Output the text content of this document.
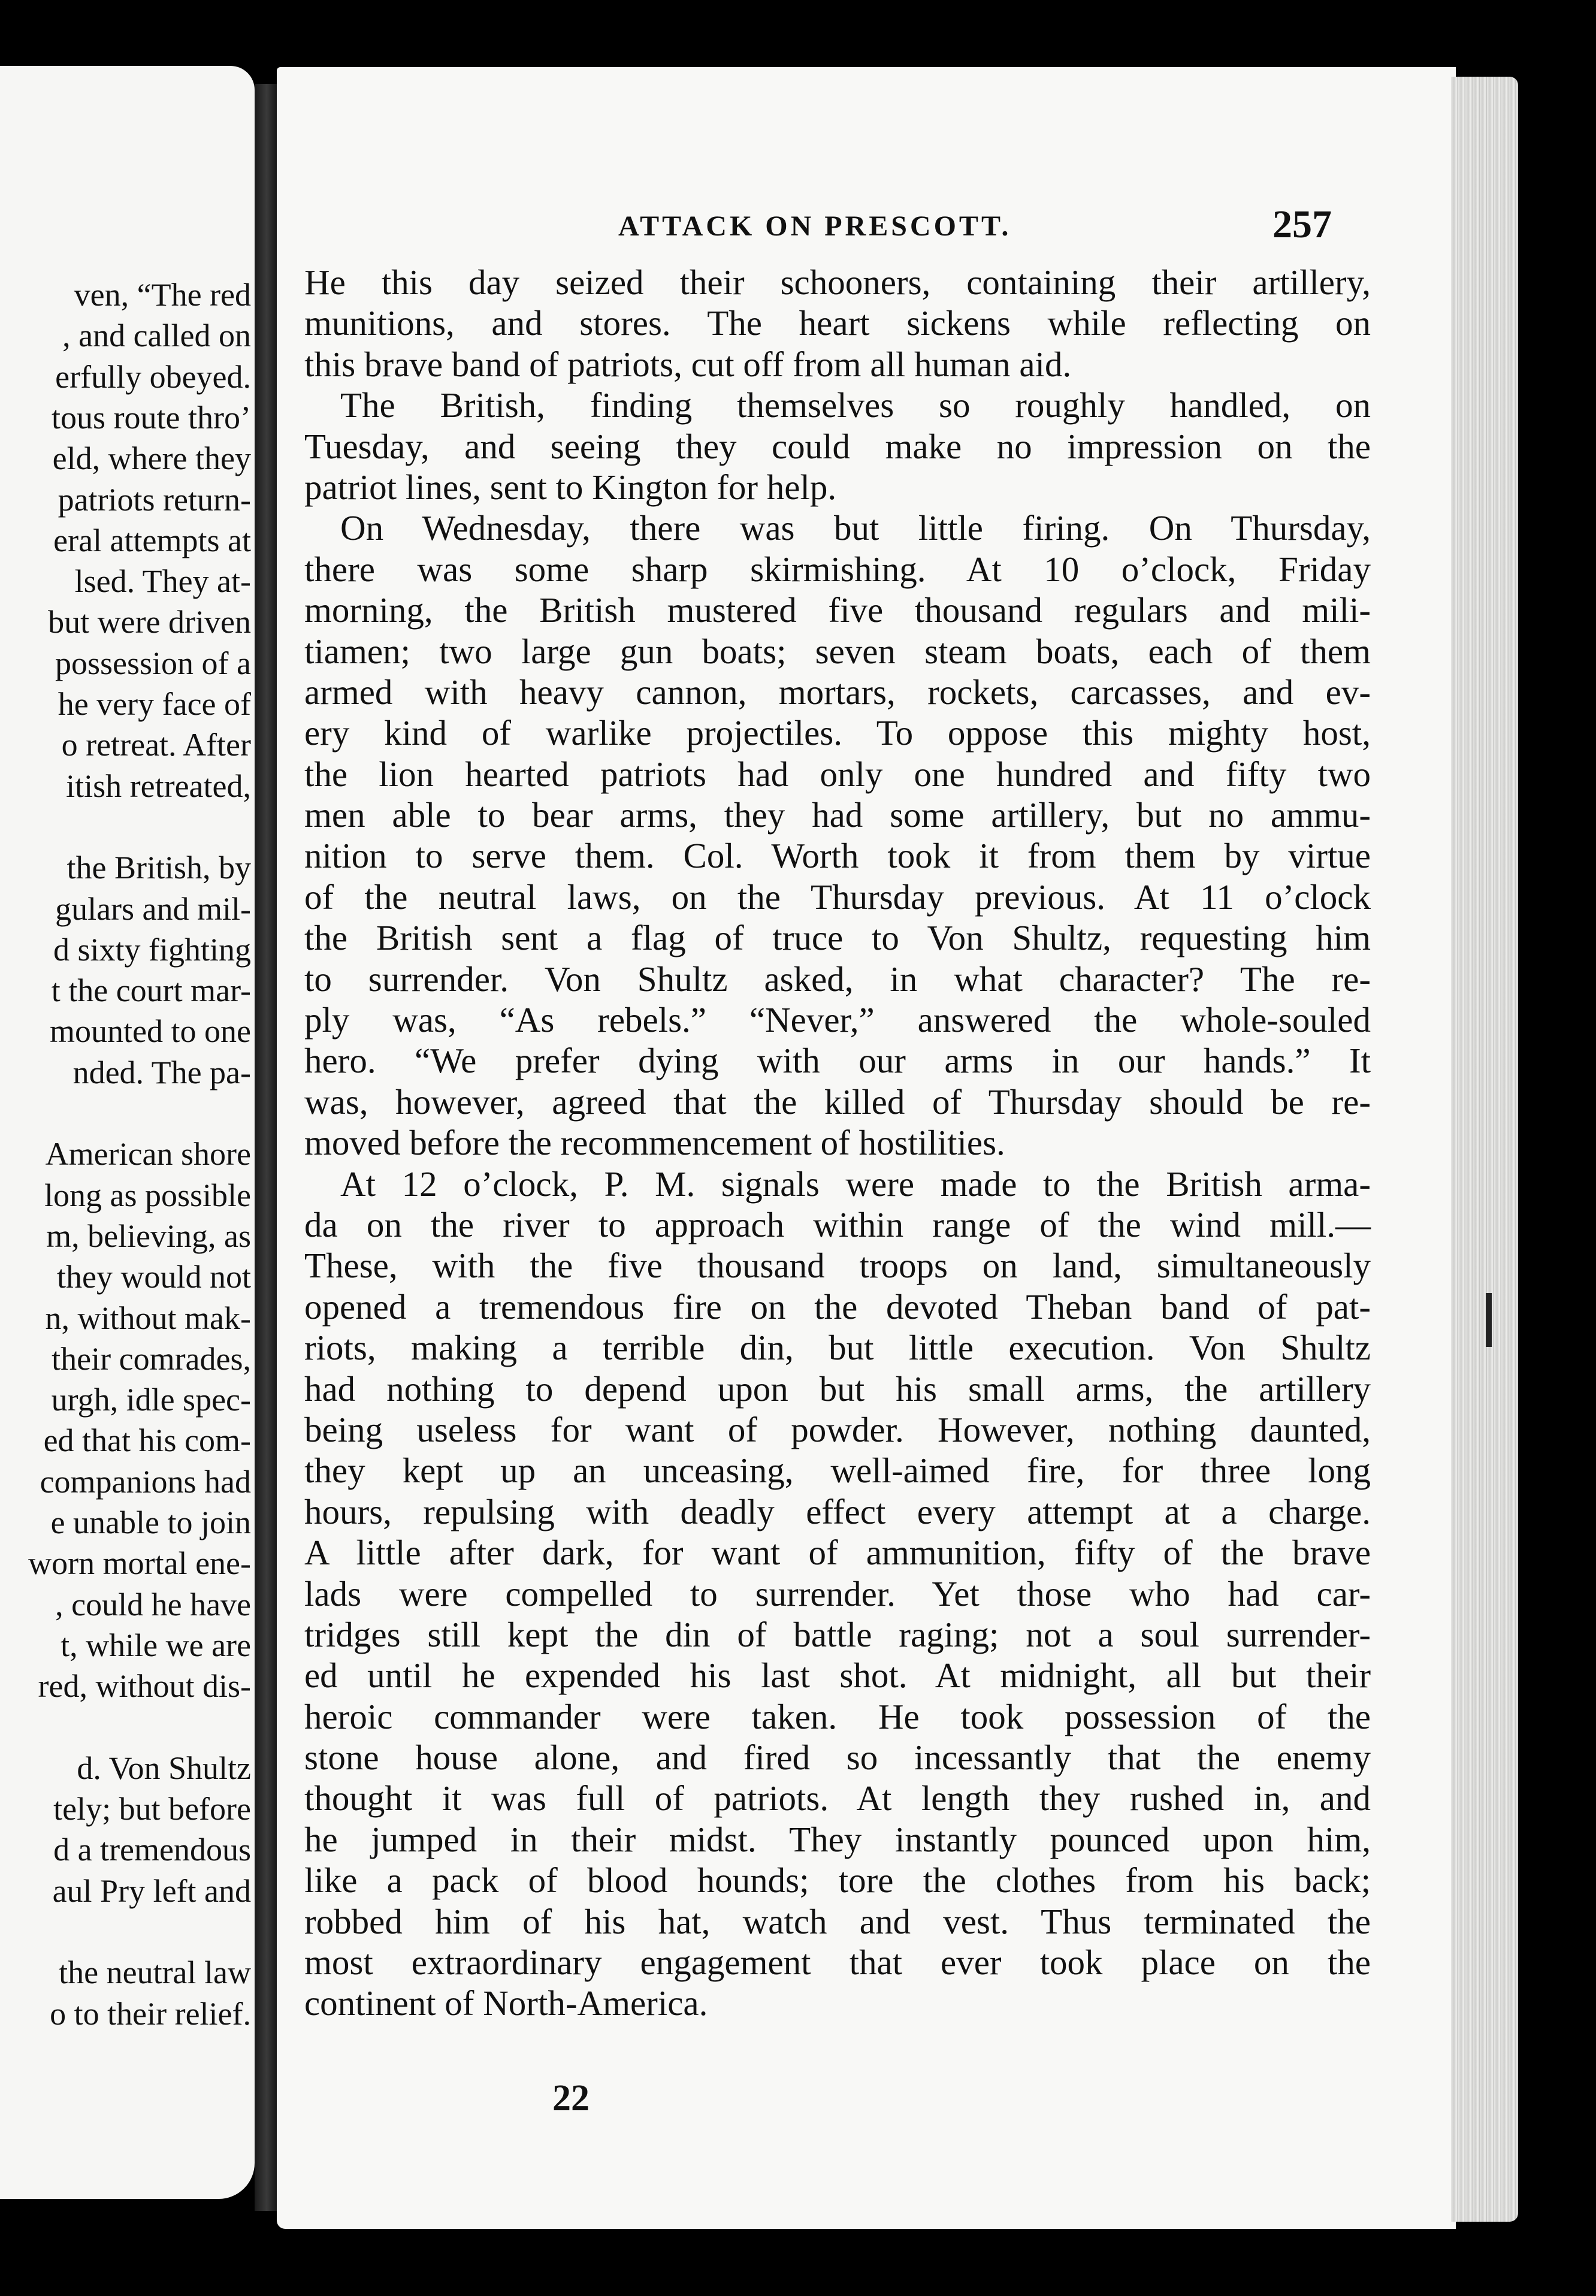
ven, “The red
, and called on
erfully obeyed.
tous route thro’
eld, where they
patriots return-
eral attempts at
lsed. They at-
but were driven
possession of a
he very face of
o retreat. After
itish retreated,
the British, by
gulars and mil-
d sixty fighting
t the court mar-
mounted to one
nded. The pa-
American shore
long as possible
m, believing, as
they would not
n, without mak-
their comrades,
urgh, idle spec-
ed that his com-
companions had
e unable to join
worn mortal ene-
, could he have
t, while we are
red, without dis-
d. Von Shultz
tely; but before
d a tremendous
aul Pry left and
the neutral law
o to their relief.
ATTACK ON PRESCOTT.	257
He this day seized their schooners, containing their artillery,
munitions, and stores. The heart sickens while reflecting on
this brave band of patriots, cut off from all human aid.
The British, finding themselves so roughly handled, on
Tuesday, and seeing they could make no impression on the
patriot lines, sent to Kington for help.
On Wednesday, there was but little firing. On Thursday,
there was some sharp skirmishing. At 10 o’clock, Friday
morning, the British mustered five thousand regulars and mili-
tiamen; two large gun boats; seven steam boats, each of them
armed with heavy cannon, mortars, rockets, carcasses, and ev-
ery kind of warlike projectiles. To oppose this mighty host,
the lion hearted patriots had only one hundred and fifty two
men able to bear arms, they had some artillery, but no ammu-
nition to serve them. Col. Worth took it from them by virtue
of the neutral laws, on the Thursday previous. At 11 o’clock
the British sent a flag of truce to Von Shultz, requesting him
to surrender. Von Shultz asked, in what character? The re-
ply was, “As rebels.” “Never,” answered the whole-souled
hero. “We prefer dying with our arms in our hands.” It
was, however, agreed that the killed of Thursday should be re-
moved before the recommencement of hostilities.
At 12 o’clock, P. M. signals were made to the British arma-
da on the river to approach within range of the wind mill.—
These, with the five thousand troops on land, simultaneously
opened a tremendous fire on the devoted Theban band of pat-
riots, making a terrible din, but little execution. Von Shultz
had nothing to depend upon but his small arms, the artillery
being useless for want of powder. However, nothing daunted,
they kept up an unceasing, well-aimed fire, for three long
hours, repulsing with deadly effect every attempt at a charge.
A little after dark, for want of ammunition, fifty of the brave
lads were compelled to surrender. Yet those who had car-
tridges still kept the din of battle raging; not a soul surrender-
ed until he expended his last shot. At midnight, all but their
heroic commander were taken. He took possession of the
stone house alone, and fired so incessantly that the enemy
thought it was full of patriots. At length they rushed in, and
he jumped in their midst. They instantly pounced upon him,
like a pack of blood hounds; tore the clothes from his back;
robbed him of his hat, watch and vest. Thus terminated the
most extraordinary engagement that ever took place on the
continent of North-America.
22
